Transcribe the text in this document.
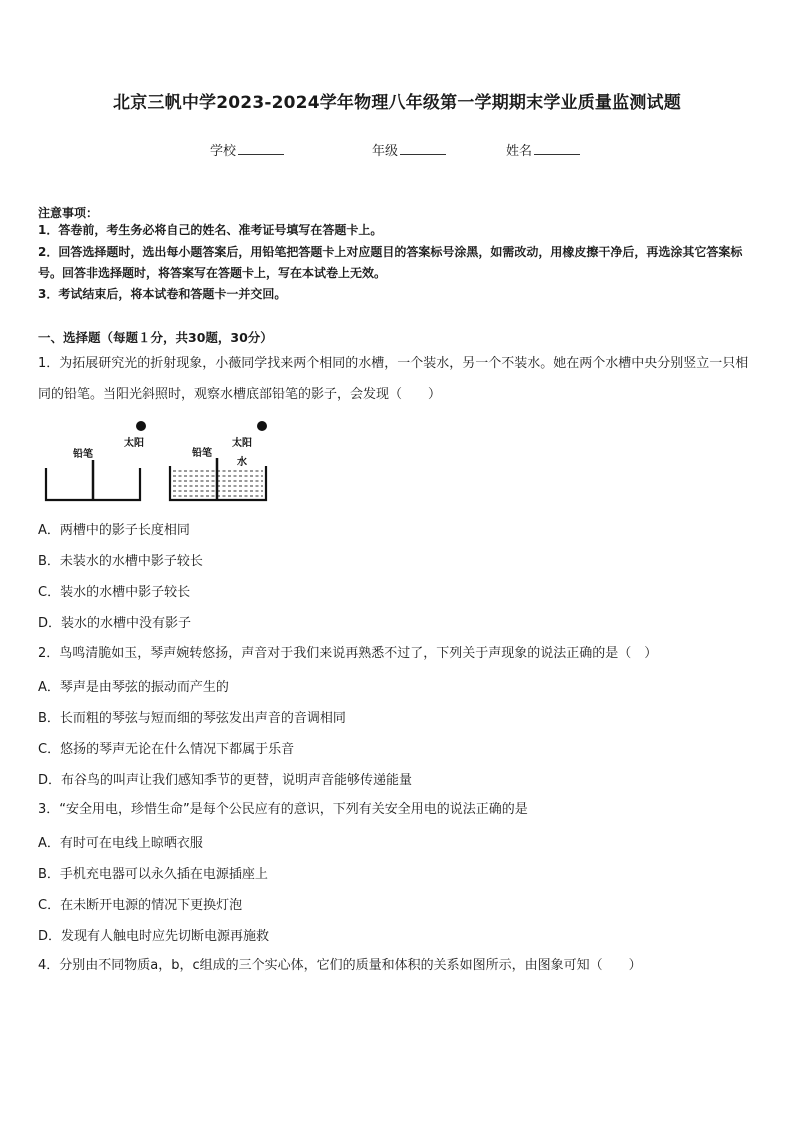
北京三帆中学2023-2024学年物理八年级第一学期期末学业质量监测试题
学校	年级	姓名
注意事项：
1．答卷前，考生务必将自己的姓名、准考证号填写在答题卡上。
2．回答选择题时，选出每小题答案后，用铅笔把答题卡上对应题目的答案标号涂黑，如需改动，用橡皮擦干净后，再选涂其它答案标号。回答非选择题时，将答案写在答题卡上，写在本试卷上无效。
3．考试结束后，将本试卷和答题卡一并交回。
一、选择题（每题１分，共30题，30分）
1．为拓展研究光的折射现象，小薇同学找来两个相同的水槽，一个装水，另一个不装水。她在两个水槽中央分别竖立一只相同的铅笔。当阳光斜照时，观察水槽底部铅笔的影子，会发现（　　）
铅笔
太阳
铅笔
太阳
水
A．两槽中的影子长度相同
B．未装水的水槽中影子较长
C．装水的水槽中影子较长
D．装水的水槽中没有影子
2．鸟鸣清脆如玉，琴声婉转悠扬，声音对于我们来说再熟悉不过了，下列关于声现象的说法正确的是（　）
A．琴声是由琴弦的振动而产生的
B．长而粗的琴弦与短而细的琴弦发出声音的音调相同
C．悠扬的琴声无论在什么情况下都属于乐音
D．布谷鸟的叫声让我们感知季节的更替，说明声音能够传递能量
3．“安全用电，珍惜生命”是每个公民应有的意识，下列有关安全用电的说法正确的是
A．有时可在电线上晾晒衣服
B．手机充电器可以永久插在电源插座上
C．在未断开电源的情况下更换灯泡
D．发现有人触电时应先切断电源再施救
4．分别由不同物质a，b，c组成的三个实心体，它们的质量和体积的关系如图所示，由图象可知（　　）
